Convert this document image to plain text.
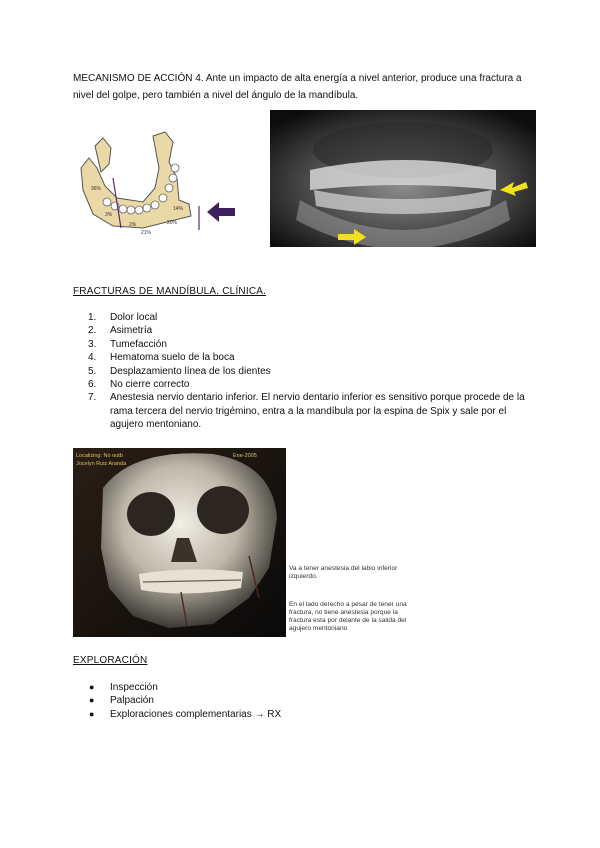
MECANISMO DE ACCIÓN 4. Ante un impacto de alta energía a nivel anterior, produce una fractura a nivel del golpe, pero también a nivel del ángulo de la mandíbula.
36%
3%
2%
21%
20%
14%
FRACTURAS DE MANDÍBULA. CLÍNICA.
1. Dolor local
2. Asimetría
3. Tumefacción
4. Hematoma suelo de la boca
5. Desplazamiento línea de los dientes
6. No cierre correcto
7. Anestesia nervio dentario inferior. El nervio dentario inferior es sensitivo porque procede de la rama tercera del nervio trigémino, entra a la mandíbula por la espina de Spix y sale por el agujero mentoniano.
Localizing: No outb
Jocelyn Ruiz Aranda
Ene-2005
Va a tener anestesia del labio inferior izquierdo.
En el lado derecho a pesar de tener una fractura, no tiene anestesia porque la fractura esta por delante de la salida del agujero mentoniano
EXPLORACIÓN
● Inspección
● Palpación
● Exploraciones complementarias → RX
